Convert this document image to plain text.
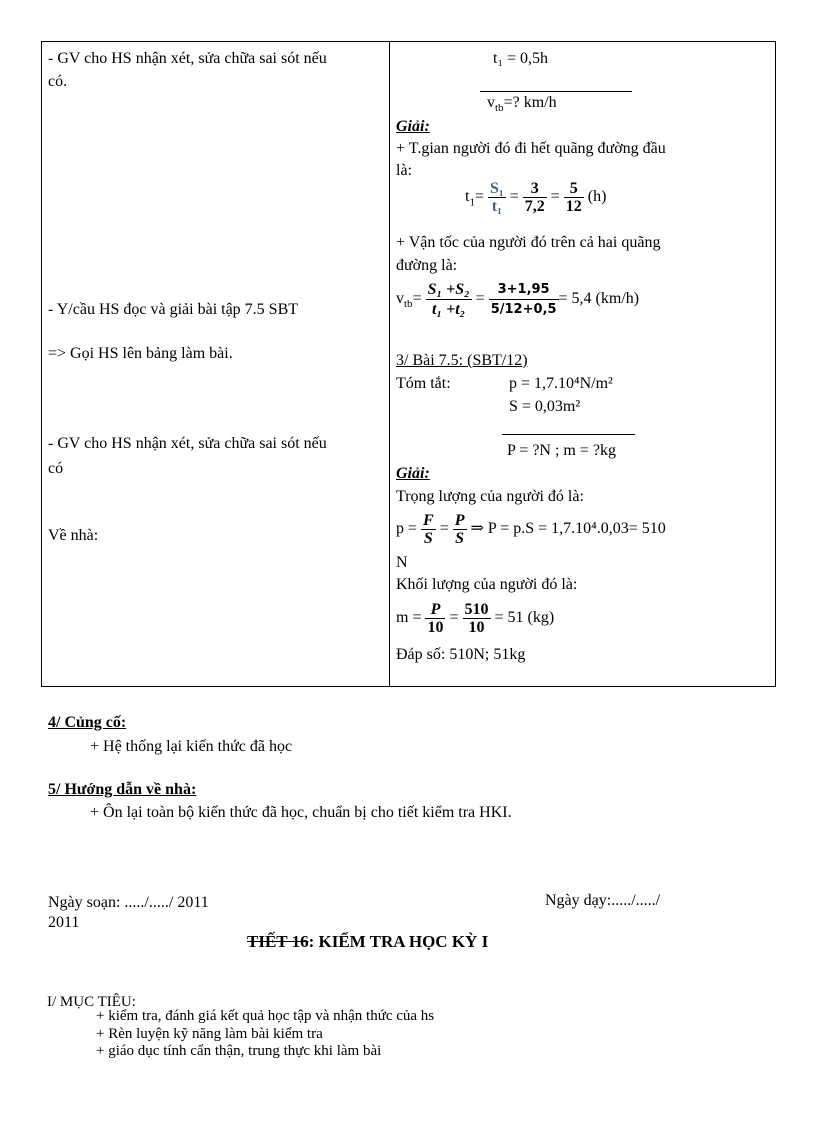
- GV cho HS nhận xét, sửa chữa sai sót nếu
có.
- Y/cầu HS đọc và giải bài tập 7.5 SBT
=> Gọi HS lên bảng làm bài.
- GV cho HS nhận xét, sửa chữa sai sót nếu
có
Về nhà:

t₁ = 0,5h
$v_{tb}=$? km/h
Giải:
+ T.gian người đó đi hết quãng đường đầu
là:
$t_1= \frac{\text{S₁}}{\text{t₁}} = \frac{3}{7,2} = \frac{5}{12} (h)$
+ Vận tốc của người đó trên cả hai quãng
đường là:
$v_{tb}= \frac{\text{S₁ +S₂}}{\text{t₁ +t₂}} = \frac{3+1,95}{5/12+0,5} = 5,4$ (km/h)
3/ Bài 7.5: (SBT/12)
Tóm tắt:	p = 1,7.10⁴N/m²
S = 0,03m²
P = ?N ; m = ?kg
Giải:
Trọng lượng của người đó là:
$p = \frac{F}{S} = \frac{P}{S}$ ⇒ P = p.S = 1,7.10⁴.0,03= 510
N
Khối lượng của người đó là:
$m = \frac{P}{10} = \frac{510}{10} = 51$ (kg)
Đáp số: 510N; 51kg
4/ Củng cố:
+ Hệ thống lại kiến thức đã học
5/ Hướng dẫn về nhà:
+ Ôn lại toàn bộ kiến thức đã học, chuẩn bị cho tiết kiểm tra HKI.
Ngày soạn: ...../...../ 2011
2011
Ngày dạy:...../...../
TIẾT 16: KIỂM TRA HỌC KỲ I
I/ MỤC TIÊU:
+ kiểm tra, đánh giá kết quả học tập và nhận thức của hs
+ Rèn luyện kỹ năng làm bài kiểm tra
+ giáo dục tính cẩn thận, trung thực khi làm bài
